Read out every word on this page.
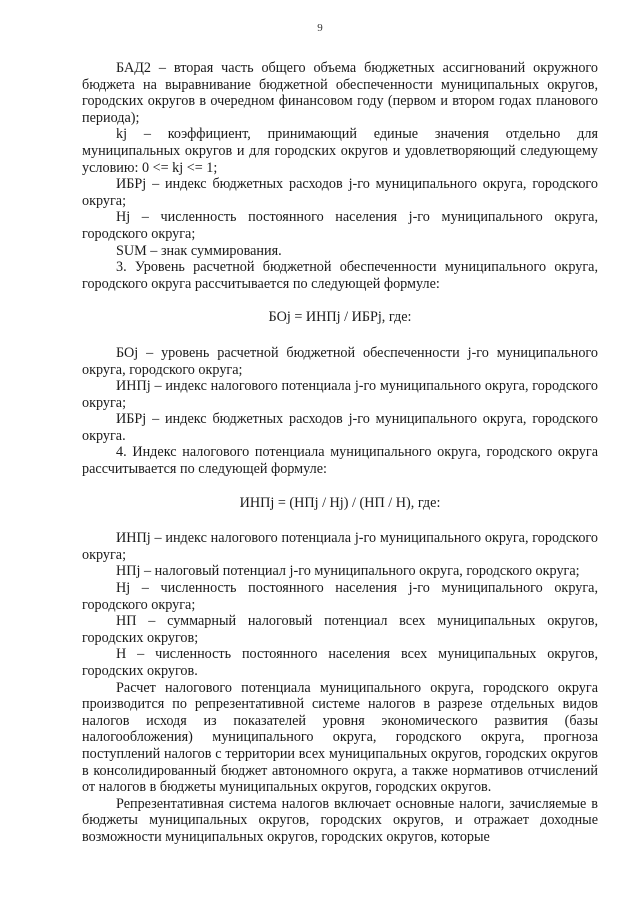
9

БАД2 – вторая часть общего объема бюджетных ассигнований окружного бюджета на выравнивание бюджетной обеспеченности муниципальных округов, городских округов в очередном финансовом году (первом и втором годах планового периода);

kj – коэффициент, принимающий единые значения отдельно для муниципальных округов и для городских округов и удовлетворяющий следующему условию: 0 <= kj <= 1;

ИБРj – индекс бюджетных расходов j-го муниципального округа, городского округа;

Hj – численность постоянного населения j-го муниципального округа, городского округа;

SUM – знак суммирования.

3. Уровень расчетной бюджетной обеспеченности муниципального округа, городского округа рассчитывается по следующей формуле:

БОj = ИНПj / ИБРj, где:

БОj – уровень расчетной бюджетной обеспеченности j-го муниципального округа, городского округа;

ИНПj – индекс налогового потенциала j-го муниципального округа, городского округа;

ИБРj – индекс бюджетных расходов j-го муниципального округа, городского округа.

4. Индекс налогового потенциала муниципального округа, городского округа рассчитывается по следующей формуле:

ИНПj = (НПj / Hj) / (НП / Н), где:

ИНПj – индекс налогового потенциала j-го муниципального округа, городского округа;

НПj – налоговый потенциал j-го муниципального округа, городского округа;

Hj – численность постоянного населения j-го муниципального округа, городского округа;

НП – суммарный налоговый потенциал всех муниципальных округов, городских округов;

Н – численность постоянного населения всех муниципальных округов, городских округов.

Расчет налогового потенциала муниципального округа, городского округа производится по репрезентативной системе налогов в разрезе отдельных видов налогов исходя из показателей уровня экономического развития (базы налогообложения) муниципального округа, городского округа, прогноза поступлений налогов с территории всех муниципальных округов, городских округов в консолидированный бюджет автономного округа, а также нормативов отчислений от налогов в бюджеты муниципальных округов, городских округов.

Репрезентативная система налогов включает основные налоги, зачисляемые в бюджеты муниципальных округов, городских округов, и отражает доходные возможности муниципальных округов, городских округов, которые
